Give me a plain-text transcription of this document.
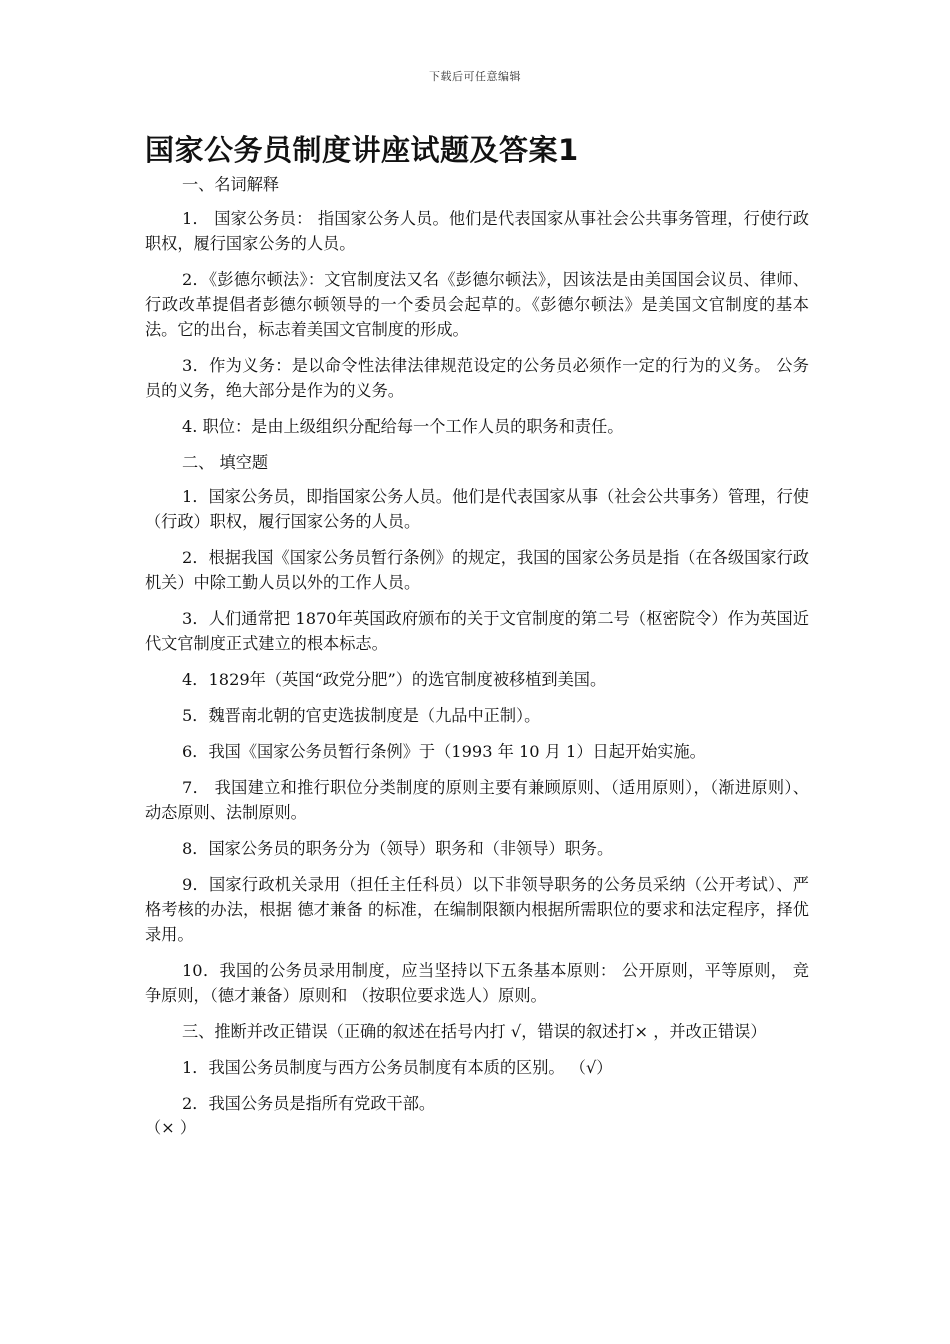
下载后可任意编辑
国家公务员制度讲座试题及答案1

一、名词解释

1． 国家公务员： 指国家公务人员。他们是代表国家从事社会公共事务管理，行使行政职权，履行国家公务的人员。

2．《彭德尔顿法》：文官制度法又名《彭德尔顿法》，因该法是由美国国会议员、律师、行政改革提倡者彭德尔顿领导的一个委员会起草的。《彭德尔顿法》是美国文官制度的基本法。它的出台，标志着美国文官制度的形成。

3．作为义务：是以命令性法律法律规范设定的公务员必须作一定的行为的义务。 公务员的义务，绝大部分是作为的义务。

4. 职位：是由上级组织分配给每一个工作人员的职务和责任。

二、 填空题

1．国家公务员，即指国家公务人员。他们是代表国家从事（社会公共事务）管理，行使（行政）职权，履行国家公务的人员。

2．根据我国《国家公务员暂行条例》的规定，我国的国家公务员是指（在各级国家行政机关）中除工勤人员以外的工作人员。

3．人们通常把 1870年英国政府颁布的关于文官制度的第二号（枢密院令）作为英国近代文官制度正式建立的根本标志。

4．1829年（英国“政党分肥”）的选官制度被移植到美国。

5．魏晋南北朝的官吏选拔制度是（九品中正制）。

6．我国《国家公务员暂行条例》于（1993 年 10 月 1）日起开始实施。

7． 我国建立和推行职位分类制度的原则主要有兼顾原则、（适用原则），（渐进原则）、动态原则、法制原则。

8．国家公务员的职务分为（领导）职务和（非领导）职务。

9．国家行政机关录用（担任主任科员）以下非领导职务的公务员采纳（公开考试）、严格考核的办法，根据 德才兼备 的标准，在编制限额内根据所需职位的要求和法定程序，择优录用。

10．我国的公务员录用制度，应当坚持以下五条基本原则： 公开原则，平等原则， 竞争原则，（德才兼备）原则和 （按职位要求选人）原则。

三、推断并改正错误（正确的叙述在括号内打 √，错误的叙述打× ，并改正错误）

1．我国公务员制度与西方公务员制度有本质的区别。 （√）

2．我国公务员是指所有党政干部。

（× ）
